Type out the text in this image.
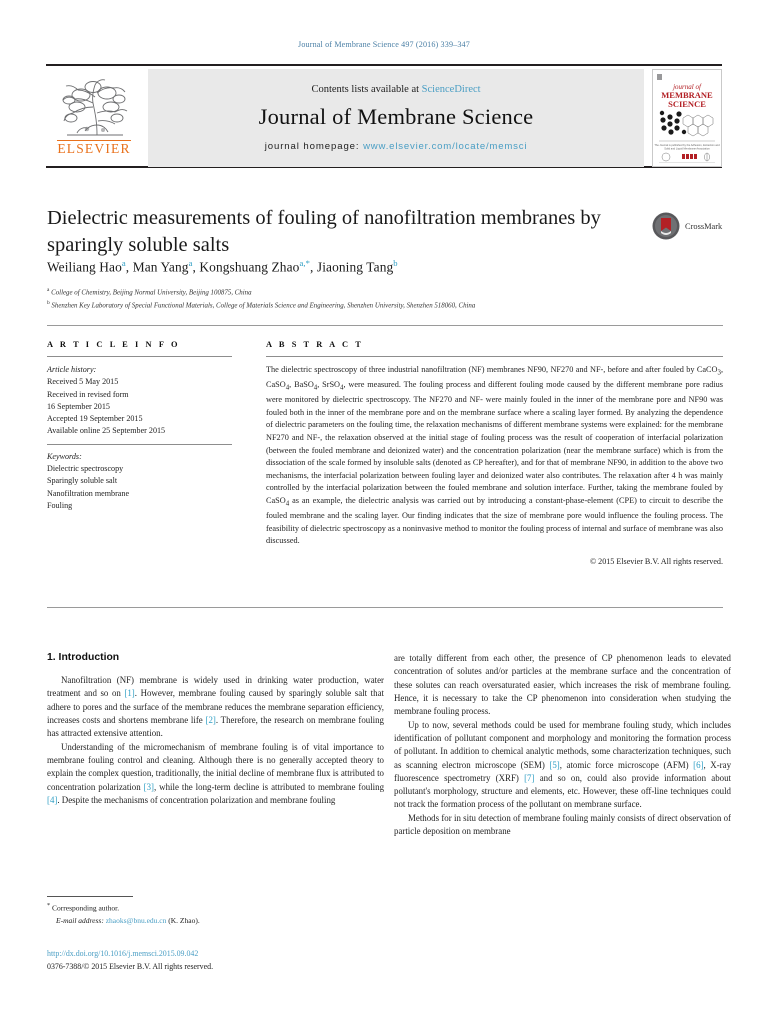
Journal of Membrane Science 497 (2016) 339–347
ELSEVIER
Contents lists available at ScienceDirect
Journal of Membrane Science
journal homepage: www.elsevier.com/locate/memsci
journal of
MEMBRANE
SCIENCE
The Journal is published by the Adhesion, Extraction and
Solid and Liquid Membrane Association
Dielectric measurements of fouling of nanofiltration membranes by sparingly soluble salts
CrossMark
Weiliang Hao$^a$, Man Yang$^a$, Kongshuang Zhao$^{a,*}$, Jiaoning Tang$^b$
$^a$ College of Chemistry, Beijing Normal University, Beijing 100875, China
$^b$ Shenzhen Key Laboratory of Special Functional Materials, College of Materials Science and Engineering, Shenzhen University, Shenzhen 518060, China
A R T I C L E I N F O
Article history:
Received 5 May 2015
Received in revised form
16 September 2015
Accepted 19 September 2015
Available online 25 September 2015
Keywords:
Dielectric spectroscopy
Sparingly soluble salt
Nanofiltration membrane
Fouling
A B S T R A C T

The dielectric spectroscopy of three industrial nanofiltration (NF) membranes NF90, NF270 and NF-, before and after fouled by CaCO$_3$, CaSO$_4$, BaSO$_4$, SrSO$_4$, were measured. The fouling process and different fouling mode caused by the different membrane pore radius were monitored by dielectric spectroscopy. The NF270 and NF- were mainly fouled in the inner of the membrane pore and NF90 was fouled both in the inner of the membrane pore and on the membrane surface where a scaling layer formed. By analyzing the dependence of dielectric parameters on the fouling time, the relaxation mechanisms of different membrane systems were explained: for the membrane NF270 and NF-, the relaxation observed at the initial stage of fouling process was the result of cooperation of interfacial polarization (between the fouled membrane and deionized water) and the concentration polarization (near the membrane surface) which is from the dissociation of the scale formed by insoluble salts (denoted as CP hereafter), and for that of membrane NF90, in addition to the above two mechanisms, the interfacial polarization between fouling layer and deionized water also contributes. The relaxation after 4 h was mainly controlled by the interfacial polarization between the fouled membrane and solution interface. Further, taking the membrane fouled by CaSO$_4$ as an example, the dielectric analysis was carried out by introducing a constant-phase-element (CPE) to circuit to describe the fouled membrane and the scaling layer. Our finding indicates that the size of membrane pore would influence the fouling process. The feasibility of dielectric spectroscopy as a noninvasive method to monitor the fouling process of internal and surface of membrane was also discussed.

© 2015 Elsevier B.V. All rights reserved.
1. Introduction

Nanofiltration (NF) membrane is widely used in drinking water production, water treatment and so on [1]. However, membrane fouling caused by sparingly soluble salt that adhere to pores and the surface of the membrane reduces the membrane separation efficiency, increases costs and shortens membrane life [2]. Therefore, the research on membrane fouling has attracted extensive attention.

Understanding of the micromechanism of membrane fouling is of vital importance to membrane fouling control and cleaning. Although there is no generally accepted theory to explain the complex question, traditionally, the initial decline of membrane flux is attributed to concentration polarization [3], while the long-term decline is attributed to membrane fouling [4]. Despite the mechanisms of concentration polarization and membrane fouling

are totally different from each other, the presence of CP phenomenon leads to elevated concentration of solutes and/or particles at the membrane surface and the concentration of these solutes can reach oversaturated easier, which increases the risk of membrane fouling. Hence, it is necessary to take the CP phenomenon into consideration when studying the membrane fouling process.

Up to now, several methods could be used for membrane fouling study, which includes identification of pollutant component and morphology and monitoring the formation process of pollutant. In addition to chemical analytic methods, some characterization techniques, such as scanning electron microscope (SEM) [5], atomic force microscope (AFM) [6], X-ray fluorescence spectrometry (XRF) [7] and so on, could also provide information about pollutant's morphology, structure and elements, etc. However, these off-line techniques could not track the formation process of the pollutant on membrane surface.

Methods for in situ detection of membrane fouling mainly consists of direct observation of particle deposition on membrane

* Corresponding author.
E-mail address: zhaoks@bnu.edu.cn (K. Zhao).
http://dx.doi.org/10.1016/j.memsci.2015.09.042
0376-7388/© 2015 Elsevier B.V. All rights reserved.
